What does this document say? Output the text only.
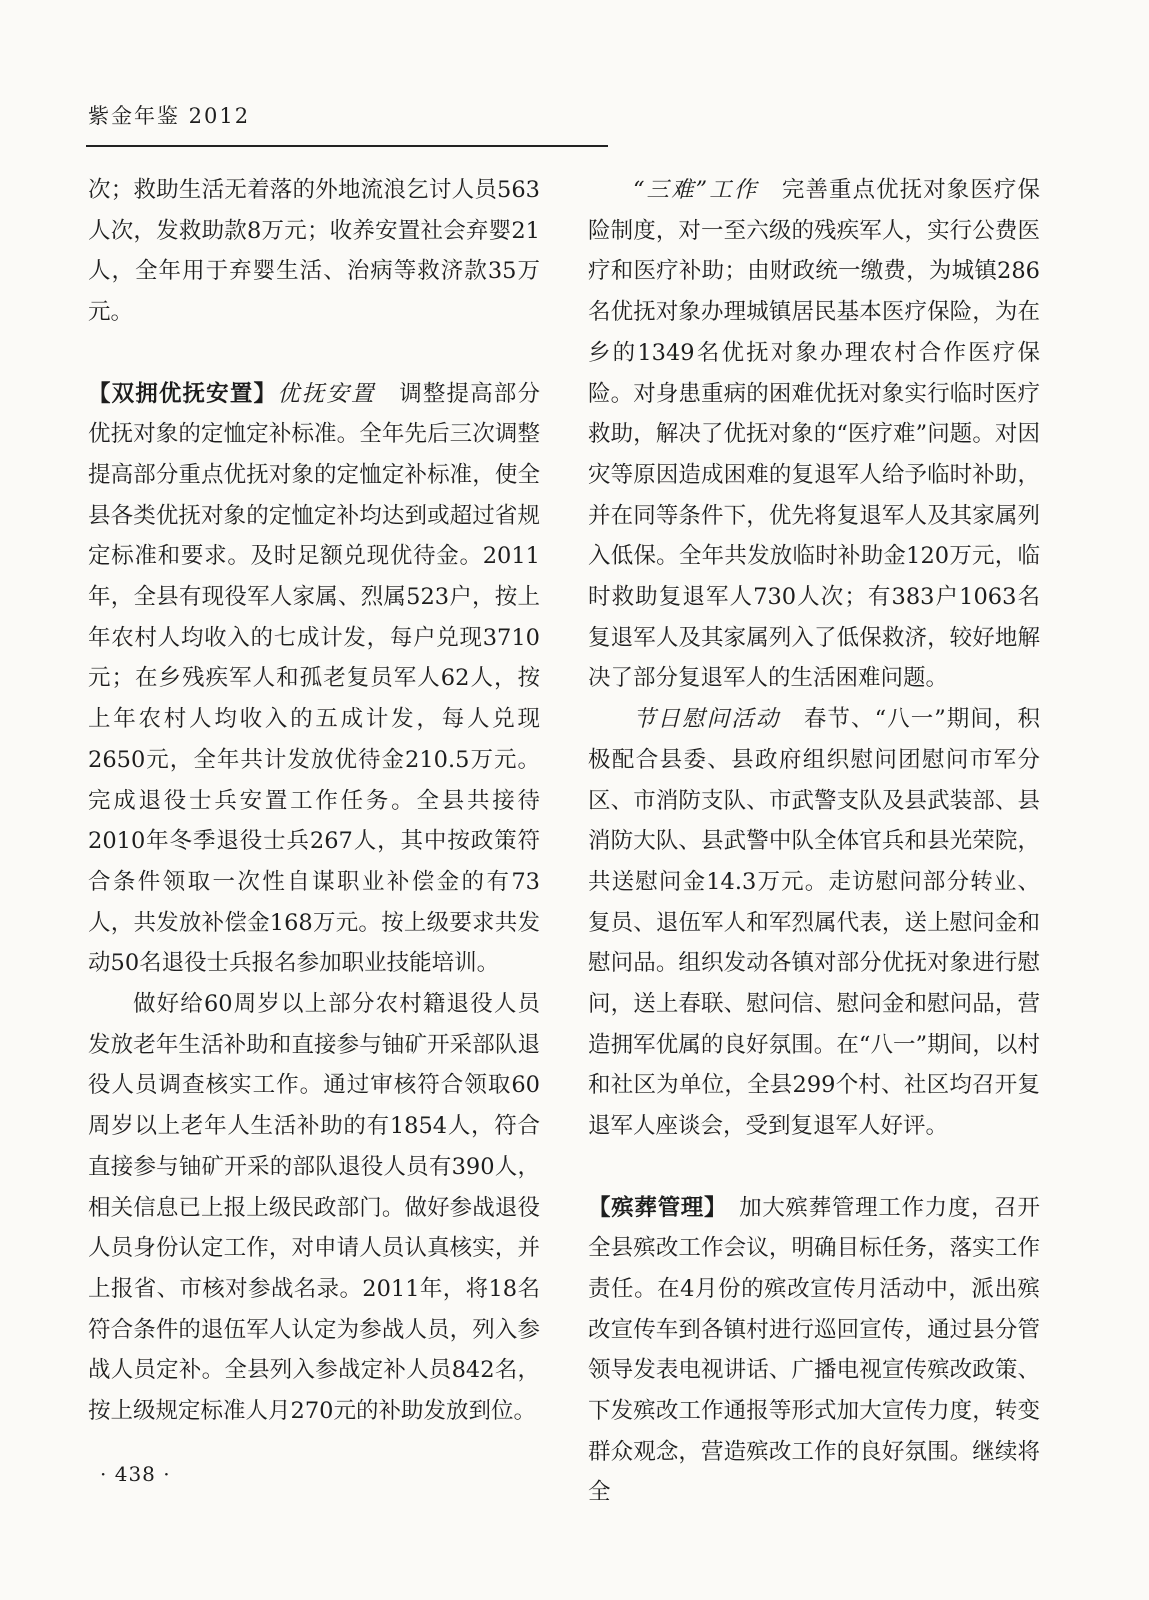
紫金年鉴 2012

次；救助生活无着落的外地流浪乞讨人员563人次，发救助款8万元；收养安置社会弃婴21人，全年用于弃婴生活、治病等救济款35万元。

【双拥优抚安置】优抚安置　 调整提高部分优抚对象的定恤定补标准。全年先后三次调整提高部分重点优抚对象的定恤定补标准，使全县各类优抚对象的定恤定补均达到或超过省规定标准和要求。及时足额兑现优待金。2011年，全县有现役军人家属、烈属523户，按上年农村人均收入的七成计发，每户兑现3710元；在乡残疾军人和孤老复员军人62人，按上年农村人均收入的五成计发，每人兑现2650元，全年共计发放优待金210.5万元。完成退役士兵安置工作任务。全县共接待2010年冬季退役士兵267人，其中按政策符合条件领取一次性自谋职业补偿金的有73人，共发放补偿金168万元。按上级要求共发动50名退役士兵报名参加职业技能培训。

做好给60周岁以上部分农村籍退役人员发放老年生活补助和直接参与铀矿开采部队退役人员调查核实工作。通过审核符合领取60周岁以上老年人生活补助的有1854人，符合直接参与铀矿开采的部队退役人员有390人，相关信息已上报上级民政部门。做好参战退役人员身份认定工作，对申请人员认真核实，并上报省、市核对参战名录。2011年，将18名符合条件的退伍军人认定为参战人员，列入参战人员定补。全县列入参战定补人员842名，按上级规定标准人月270元的补助发放到位。

“三难”工作　 完善重点优抚对象医疗保险制度，对一至六级的残疾军人，实行公费医疗和医疗补助；由财政统一缴费，为城镇286名优抚对象办理城镇居民基本医疗保险，为在乡的1349名优抚对象办理农村合作医疗保险。对身患重病的困难优抚对象实行临时医疗救助，解决了优抚对象的“医疗难”问题。对因灾等原因造成困难的复退军人给予临时补助，并在同等条件下，优先将复退军人及其家属列入低保。全年共发放临时补助金120万元，临时救助复退军人730人次；有383户1063名复退军人及其家属列入了低保救济，较好地解决了部分复退军人的生活困难问题。

节日慰问活动　 春节、“八一”期间，积极配合县委、县政府组织慰问团慰问市军分区、市消防支队、市武警支队及县武装部、县消防大队、县武警中队全体官兵和县光荣院，共送慰问金14.3万元。走访慰问部分转业、复员、退伍军人和军烈属代表，送上慰问金和慰问品。组织发动各镇对部分优抚对象进行慰问，送上春联、慰问信、慰问金和慰问品，营造拥军优属的良好氛围。在“八一”期间，以村和社区为单位，全县299个村、社区均召开复退军人座谈会，受到复退军人好评。

【殡葬管理】　 加大殡葬管理工作力度，召开全县殡改工作会议，明确目标任务，落实工作责任。在4月份的殡改宣传月活动中，派出殡改宣传车到各镇村进行巡回宣传，通过县分管领导发表电视讲话、广播电视宣传殡改政策、下发殡改工作通报等形式加大宣传力度，转变群众观念，营造殡改工作的良好氛围。继续将全

· 438 ·
